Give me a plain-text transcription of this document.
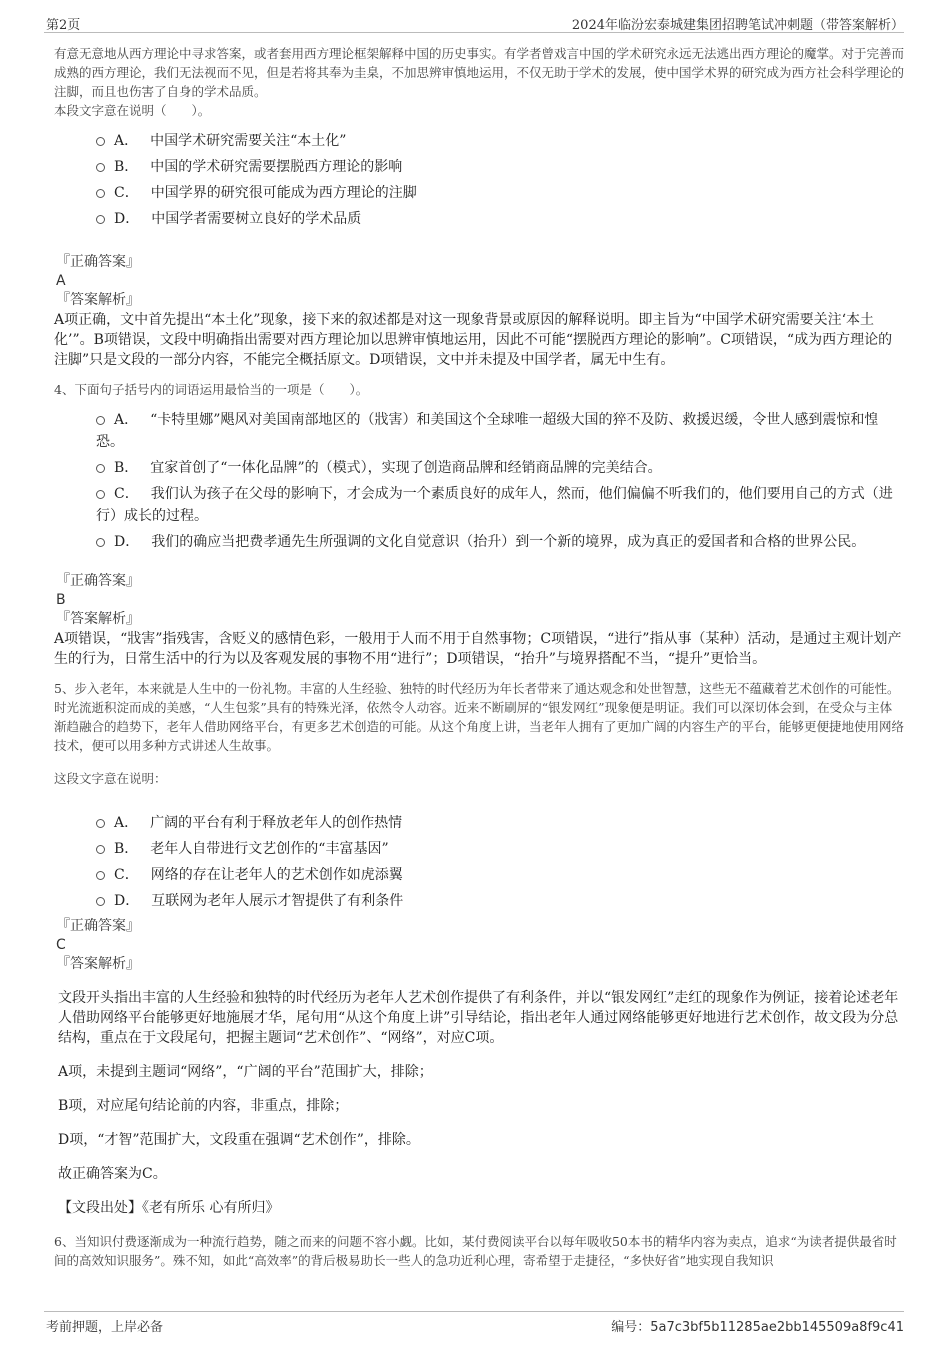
第2页	2024年临汾宏泰城建集团招聘笔试冲刺题（带答案解析）
有意无意地从西方理论中寻求答案，或者套用西方理论框架解释中国的历史事实。有学者曾戏言中国的学术研究永远无法逃出西方理论的魔掌。对于完善而成熟的西方理论，我们无法视而不见，但是若将其奉为圭臬，不加思辨审慎地运用，不仅无助于学术的发展，使中国学术界的研究成为西方社会科学理论的注脚，而且也伤害了自身的学术品质。
本段文字意在说明（　　）。
A． 中国学术研究需要关注“本土化”
B． 中国的学术研究需要摆脱西方理论的影响
C． 中国学界的研究很可能成为西方理论的注脚
D． 中国学者需要树立良好的学术品质
『正确答案』
A
『答案解析』
A项正确，文中首先提出“本土化”现象，接下来的叙述都是对这一现象背景或原因的解释说明。即主旨为“中国学术研究需要关注‘本土化’”。B项错误，文段中明确指出需要对西方理论加以思辨审慎地运用，因此不可能“摆脱西方理论的影响”。C项错误，“成为西方理论的注脚”只是文段的一部分内容，不能完全概括原文。D项错误，文中并未提及中国学者，属无中生有。
4、下面句子括号内的词语运用最恰当的一项是（　　）。
A． “卡特里娜”飓风对美国南部地区的（戕害）和美国这个全球唯一超级大国的猝不及防、救援迟缓，令世人感到震惊和惶恐。
B． 宜家首创了“一体化品牌”的（模式），实现了创造商品牌和经销商品牌的完美结合。
C． 我们认为孩子在父母的影响下，才会成为一个素质良好的成年人，然而，他们偏偏不听我们的，他们要用自己的方式（进行）成长的过程。
D． 我们的确应当把费孝通先生所强调的文化自觉意识（抬升）到一个新的境界，成为真正的爱国者和合格的世界公民。
『正确答案』
B
『答案解析』
A项错误，“戕害”指残害，含贬义的感情色彩，一般用于人而不用于自然事物；C项错误，“进行”指从事（某种）活动，是通过主观计划产生的行为，日常生活中的行为以及客观发展的事物不用“进行”；D项错误，“抬升”与境界搭配不当，“提升”更恰当。
5、步入老年，本来就是人生中的一份礼物。丰富的人生经验、独特的时代经历为年长者带来了通达观念和处世智慧，这些无不蕴藏着艺术创作的可能性。时光流逝积淀而成的美感，“人生包浆”具有的特殊光泽，依然令人动容。近来不断刷屏的“银发网红”现象便是明证。我们可以深切体会到，在受众与主体渐趋融合的趋势下，老年人借助网络平台，有更多艺术创造的可能。从这个角度上讲，当老年人拥有了更加广阔的内容生产的平台，能够更便捷地使用网络技术，便可以用多种方式讲述人生故事。
这段文字意在说明：
A． 广阔的平台有利于释放老年人的创作热情
B． 老年人自带进行文艺创作的“丰富基因”
C． 网络的存在让老年人的艺术创作如虎添翼
D． 互联网为老年人展示才智提供了有利条件
『正确答案』
C
『答案解析』
文段开头指出丰富的人生经验和独特的时代经历为老年人艺术创作提供了有利条件，并以“银发网红”走红的现象作为例证，接着论述老年人借助网络平台能够更好地施展才华，尾句用“从这个角度上讲”引导结论，指出老年人通过网络能够更好地进行艺术创作，故文段为分总结构，重点在于文段尾句，把握主题词“艺术创作”、“网络”，对应C项。
A项，未提到主题词“网络”，“广阔的平台”范围扩大，排除；
B项，对应尾句结论前的内容，非重点，排除；
D项，“才智”范围扩大，文段重在强调“艺术创作”，排除。
故正确答案为C。
【文段出处】《老有所乐 心有所归》
6、当知识付费逐渐成为一种流行趋势，随之而来的问题不容小觑。比如，某付费阅读平台以每年吸收50本书的精华内容为卖点，追求“为读者提供最省时间的高效知识服务”。殊不知，如此“高效率”的背后极易助长一些人的急功近利心理，寄希望于走捷径，“多快好省”地实现自我知识
考前押题，上岸必备	编号：5a7c3bf5b11285ae2bb145509a8f9c41
